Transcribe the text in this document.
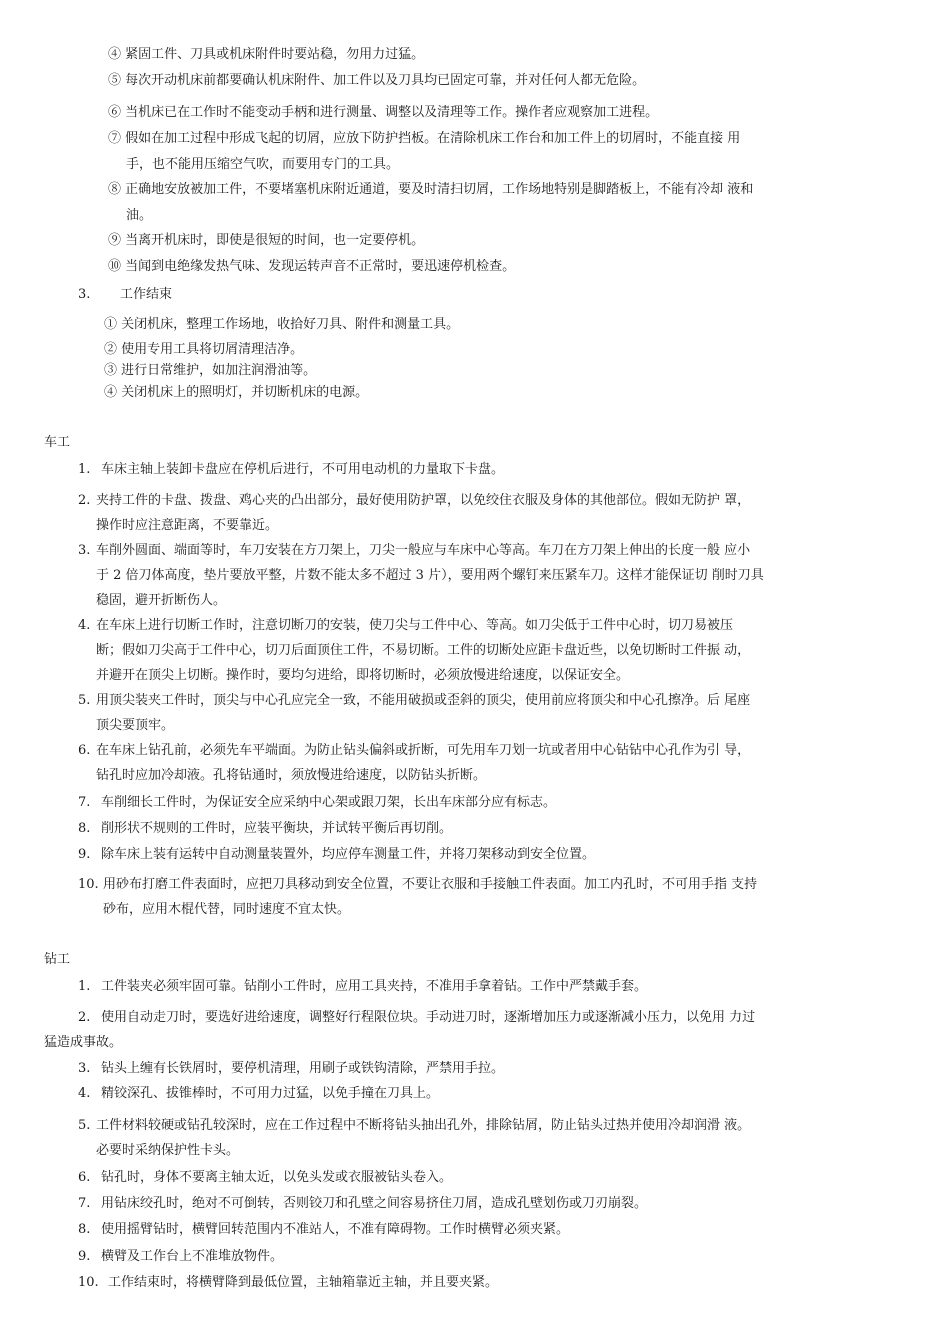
④ 紧固工件、刀具或机床附件时要站稳，勿用力过猛。
⑤ 每次开动机床前都要确认机床附件、加工件以及刀具均已固定可靠，并对任何人都无危险。
⑥ 当机床已在工作时不能变动手柄和进行测量、调整以及清理等工作。操作者应观察加工进程。
⑦ 假如在加工过程中形成飞起的切屑，应放下防护挡板。在清除机床工作台和加工件上的切屑时，不能直接 用
手，也不能用压缩空气吹，而要用专门的工具。
⑧ 正确地安放被加工件，不要堵塞机床附近通道，要及时清扫切屑，工作场地特别是脚踏板上，不能有冷却 液和
油。
⑨ 当离开机床时，即使是很短的时间，也一定要停机。
⑩ 当闻到电绝缘发热气味、发现运转声音不正常时，要迅速停机检查。
3. 工作结束
① 关闭机床，整理工作场地，收拾好刀具、附件和测量工具。
② 使用专用工具将切屑清理洁净。
③ 进行日常维护，如加注润滑油等。
④ 关闭机床上的照明灯，并切断机床的电源。
车工
1. 车床主轴上装卸卡盘应在停机后进行，不可用电动机的力量取下卡盘。
2. 夹持工件的卡盘、拨盘、鸡心夹的凸出部分，最好使用防护罩，以免绞住衣服及身体的其他部位。假如无防护 罩，
操作时应注意距离，不要靠近。
3. 车削外圆面、端面等时，车刀安装在方刀架上，刀尖一般应与车床中心等高。车刀在方刀架上伸出的长度一般 应小
于 2 倍刀体高度，垫片要放平整，片数不能太多不超过 3 片），要用两个螺钉来压紧车刀。这样才能保证切 削时刀具
稳固，避开折断伤人。
4. 在车床上进行切断工作时，注意切断刀的安装，使刀尖与工件中心、等高。如刀尖低于工件中心时，切刀易被压
断；假如刀尖高于工件中心，切刀后面顶住工件，不易切断。工件的切断处应距卡盘近些，以免切断时工件振 动，
并避开在顶尖上切断。操作时，要均匀进给，即将切断时，必须放慢进给速度，以保证安全。
5. 用顶尖装夹工件时，顶尖与中心孔应完全一致，不能用破损或歪斜的顶尖，使用前应将顶尖和中心孔擦净。后 尾座
顶尖要顶牢。
6. 在车床上钻孔前，必须先车平端面。为防止钻头偏斜或折断，可先用车刀划一坑或者用中心钻钻中心孔作为引 导，
钻孔时应加冷却液。孔将钻通时，须放慢进给速度，以防钻头折断。
7. 车削细长工件时，为保证安全应采纳中心架或跟刀架，长出车床部分应有标志。
8. 削形状不规则的工件时，应装平衡块，并试转平衡后再切削。
9. 除车床上装有运转中自动测量装置外，均应停车测量工件，并将刀架移动到安全位置。
10. 用砂布打磨工件表面时，应把刀具移动到安全位置，不要让衣服和手接触工件表面。加工内孔时，不可用手指 支持
砂布，应用木棍代替，同时速度不宜太快。
钻工
1. 工件装夹必须牢固可靠。钻削小工件时，应用工具夹持，不准用手拿着钻。工作中严禁戴手套。
2. 使用自动走刀时，要选好进给速度，调整好行程限位块。手动进刀时，逐渐增加压力或逐渐减小压力，以免用 力过
猛造成事故。
3. 钻头上缠有长铁屑时，要停机清理，用刷子或铁钩清除，严禁用手拉。
4. 精铰深孔、拔锥棒时，不可用力过猛，以免手撞在刀具上。
5. 工件材料较硬或钻孔较深时，应在工作过程中不断将钻头抽出孔外，排除钻屑，防止钻头过热并使用冷却润滑 液。
必要时采纳保护性卡头。
6. 钻孔时，身体不要离主轴太近，以免头发或衣服被钻头卷入。
7. 用钻床绞孔时，绝对不可倒转，否则铰刀和孔壁之间容易挤住刀屑，造成孔壁划伤或刀刃崩裂。
8. 使用摇臂钻时，横臂回转范围内不准站人，不准有障碍物。工作时横臂必须夹紧。
9. 横臂及工作台上不准堆放物件。
10. 工作结束时，将横臂降到最低位置，主轴箱靠近主轴，并且要夹紧。
